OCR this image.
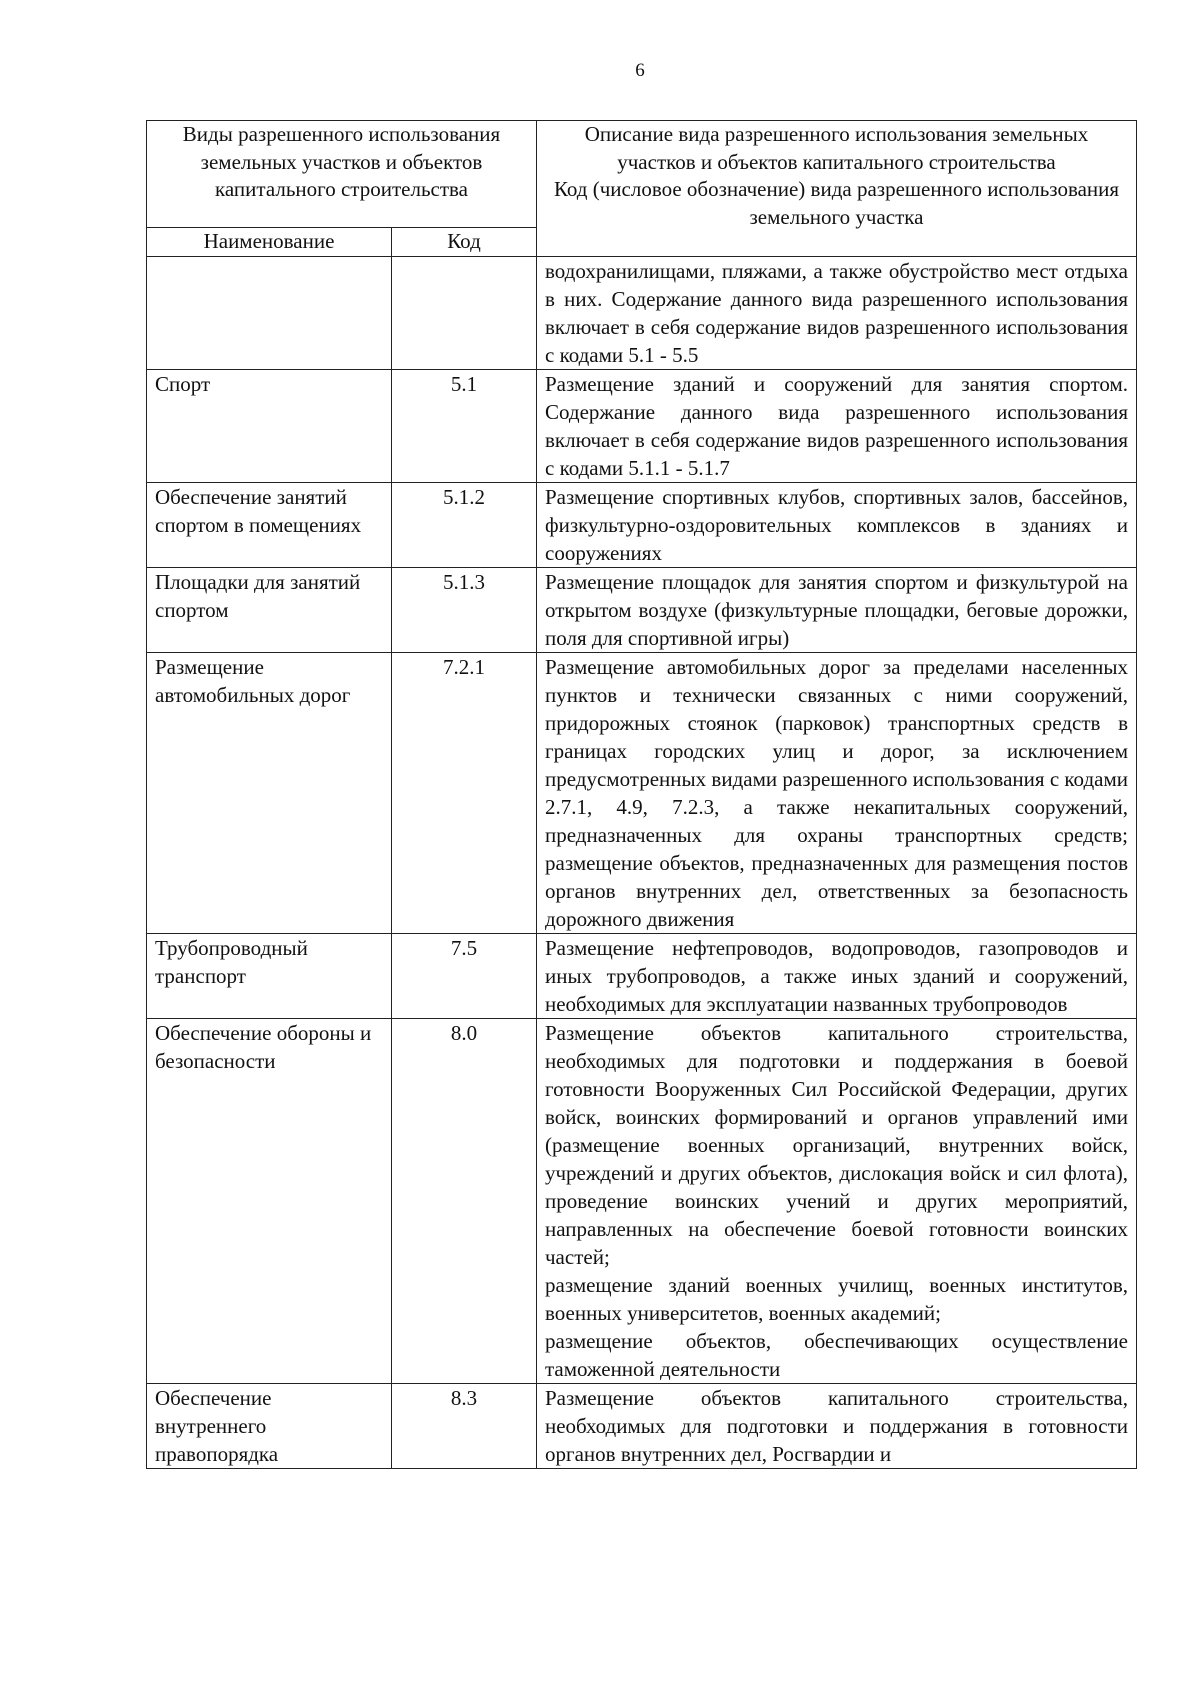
6
Виды разрешенного использования земельных участков и объектов капитального строительства		Описание вида разрешенного использования земельных участков и объектов капитального строительства
Код (числовое обозначение) вида разрешенного использования земельного участка

Наименование	Код	
		водохранилищами, пляжами, а также обустройство мест отдыха в них. Содержание данного вида разрешенного использования включает в себя содержание видов разрешенного использования с кодами 5.1 - 5.5
Спорт	5.1	Размещение зданий и сооружений для занятия спортом. Содержание данного вида разрешенного использования включает в себя содержание видов разрешенного использования с кодами 5.1.1 - 5.1.7
Обеспечение занятий спортом в помещениях	5.1.2	Размещение спортивных клубов, спортивных залов, бассейнов, физкультурно-оздоровительных комплексов в зданиях и сооружениях
Площадки для занятий спортом	5.1.3	Размещение площадок для занятия спортом и физкультурой на открытом воздухе (физкультурные площадки, беговые дорожки, поля для спортивной игры)
Размещение автомобильных дорог	7.2.1	Размещение автомобильных дорог за пределами населенных пунктов и технически связанных с ними сооружений, придорожных стоянок (парковок) транспортных средств в границах городских улиц и дорог, за исключением предусмотренных видами разрешенного использования с кодами 2.7.1, 4.9, 7.2.3, а также некапитальных сооружений, предназначенных для охраны транспортных средств; размещение объектов, предназначенных для размещения постов органов внутренних дел, ответственных за безопасность дорожного движения
Трубопроводный транспорт	7.5	Размещение нефтепроводов, водопроводов, газопроводов и иных трубопроводов, а также иных зданий и сооружений, необходимых для эксплуатации названных трубопроводов
Обеспечение обороны и безопасности	8.0	Размещение объектов капитального строительства, необходимых для подготовки и поддержания в боевой готовности Вооруженных Сил Российской Федерации, других войск, воинских формирований и органов управлений ими (размещение военных организаций, внутренних войск, учреждений и других объектов, дислокация войск и сил флота), проведение воинских учений и других мероприятий, направленных на обеспечение боевой готовности воинских частей;
размещение зданий военных училищ, военных институтов, военных университетов, военных академий;
размещение объектов, обеспечивающих осуществление таможенной деятельности

Обеспечение внутреннего правопорядка	8.3	Размещение объектов капитального строительства, необходимых для подготовки и поддержания в готовности органов внутренних дел, Росгвардии и
